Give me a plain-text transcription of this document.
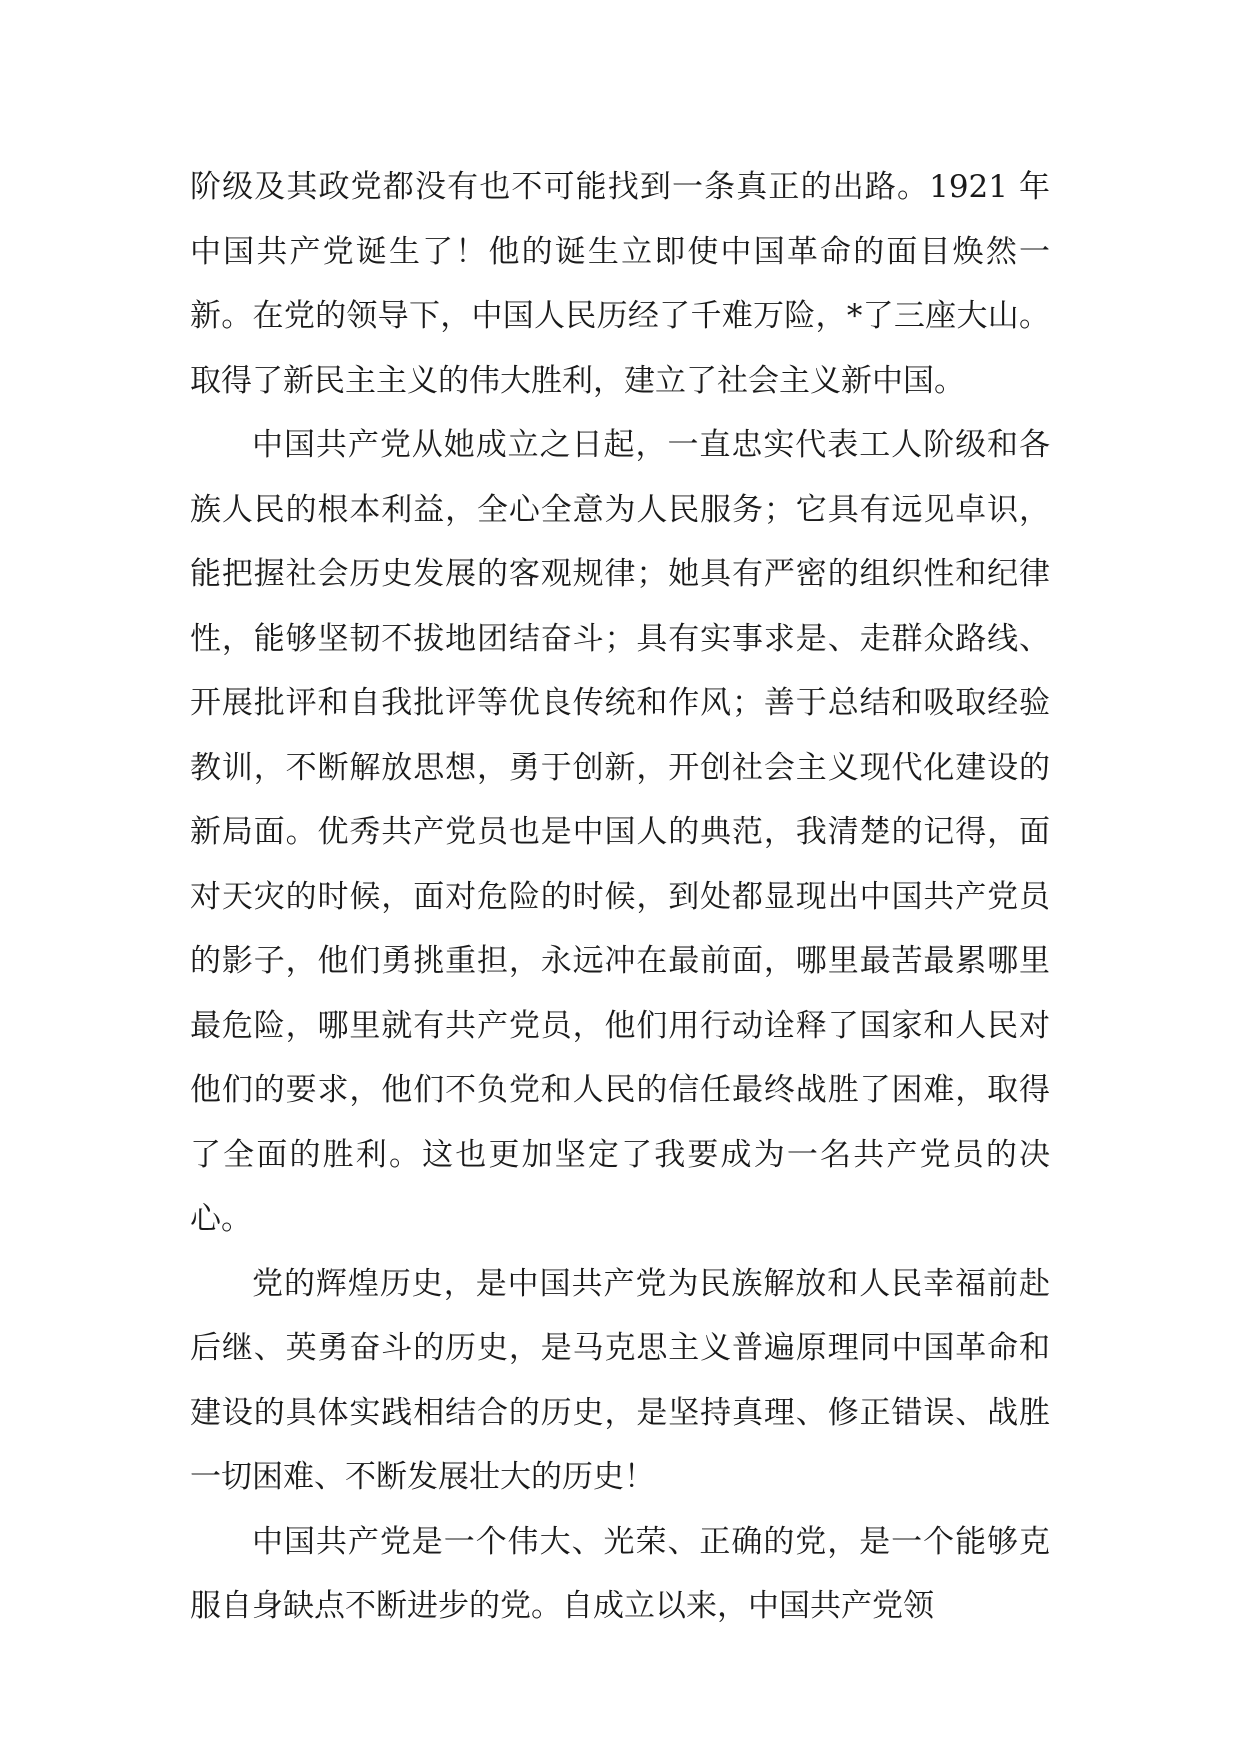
阶级及其政党都没有也不可能找到一条真正的出路。1921 年中国共产党诞生了！他的诞生立即使中国革命的面目焕然一新。在党的领导下，中国人民历经了千难万险，*了三座大山。取得了新民主主义的伟大胜利，建立了社会主义新中国。

中国共产党从她成立之日起，一直忠实代表工人阶级和各族人民的根本利益，全心全意为人民服务；它具有远见卓识，能把握社会历史发展的客观规律；她具有严密的组织性和纪律性，能够坚韧不拔地团结奋斗；具有实事求是、走群众路线、开展批评和自我批评等优良传统和作风；善于总结和吸取经验教训，不断解放思想，勇于创新，开创社会主义现代化建设的新局面。优秀共产党员也是中国人的典范，我清楚的记得，面对天灾的时候，面对危险的时候，到处都显现出中国共产党员的影子，他们勇挑重担，永远冲在最前面，哪里最苦最累哪里最危险，哪里就有共产党员，他们用行动诠释了国家和人民对他们的要求，他们不负党和人民的信任最终战胜了困难，取得了全面的胜利。这也更加坚定了我要成为一名共产党员的决心。

党的辉煌历史，是中国共产党为民族解放和人民幸福前赴后继、英勇奋斗的历史，是马克思主义普遍原理同中国革命和建设的具体实践相结合的历史，是坚持真理、修正错误、战胜一切困难、不断发展壮大的历史！

中国共产党是一个伟大、光荣、正确的党，是一个能够克服自身缺点不断进步的党。自成立以来，中国共产党领
